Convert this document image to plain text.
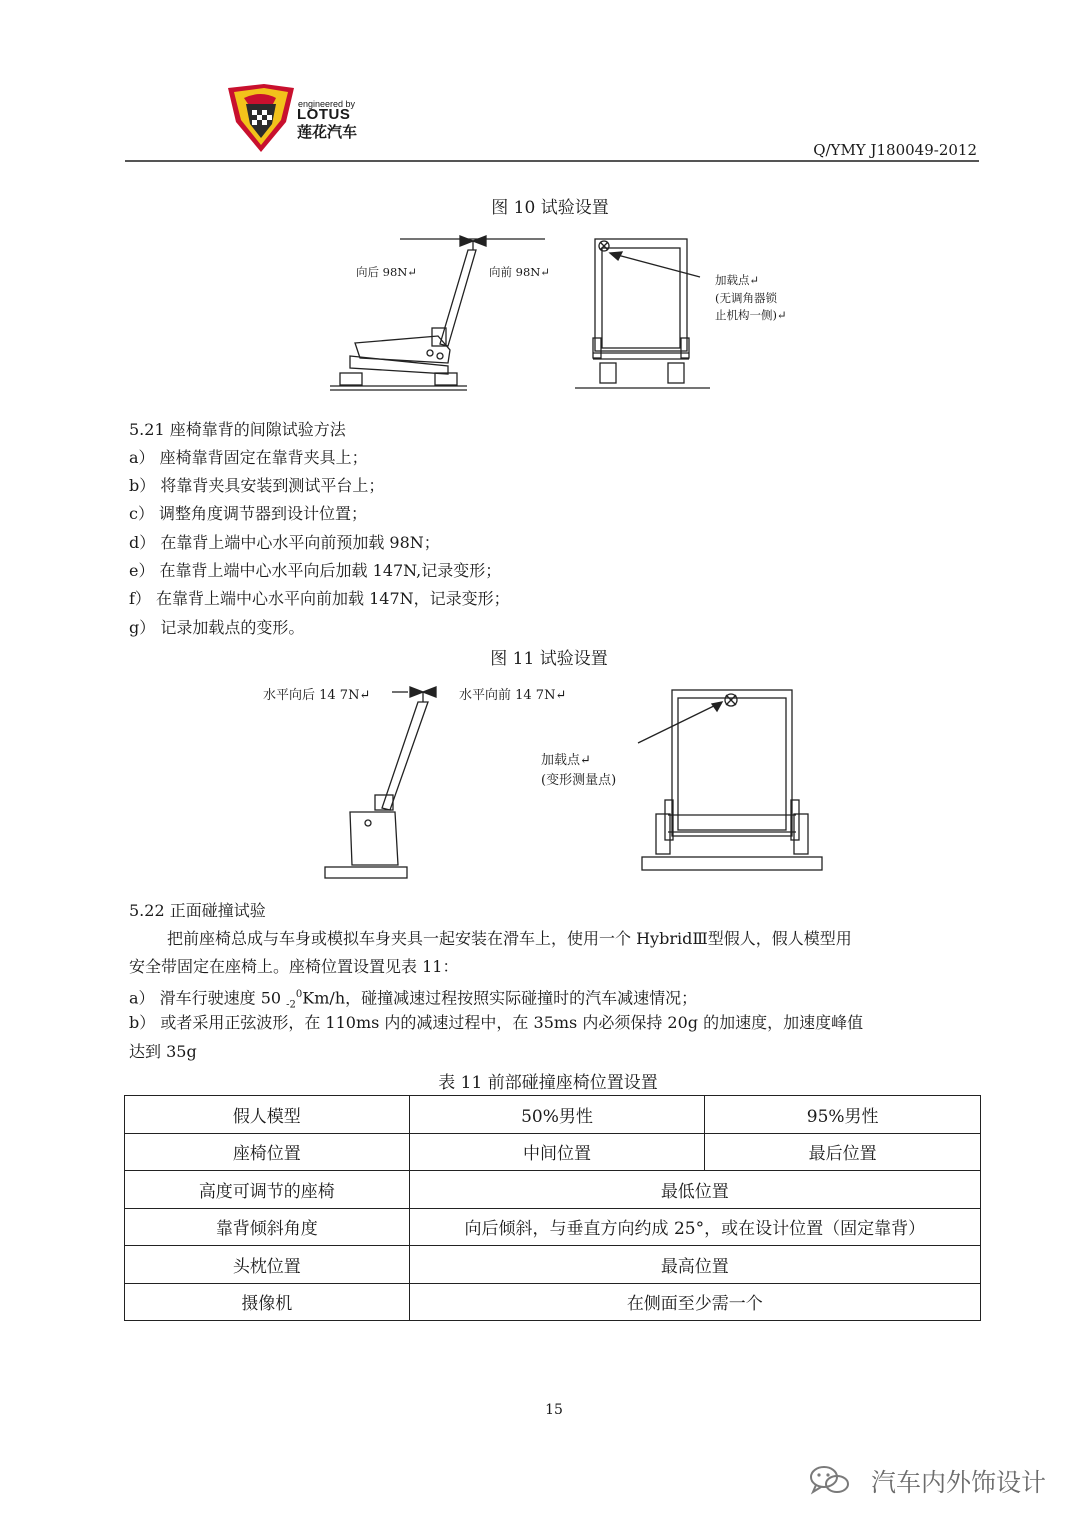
engineered by
LOTUS
莲花汽车
Q/YMY J180049-2012
图 10 试验设置
向后 98N↵	向前 98N↵
加载点↵
(无调角器锁
止机构一侧)↵
5.21 座椅靠背的间隙试验方法
a） 座椅靠背固定在靠背夹具上；
b） 将靠背夹具安装到测试平台上；
c） 调整角度调节器到设计位置；
d） 在靠背上端中心水平向前预加载 98N；
e） 在靠背上端中心水平向后加载 147N,记录变形；
f） 在靠背上端中心水平向前加载 147N，记录变形；
g） 记录加载点的变形。
图 11 试验设置
水平向后 14 7N↵	水平向前 14 7N↵
加载点↵
(变形测量点)
5.22 正面碰撞试验
把前座椅总成与车身或模拟车身夹具一起安装在滑车上，使用一个 HybridⅢ型假人，假人模型用
安全带固定在座椅上。座椅位置设置见表 11：
a） 滑车行驶速度 50 $_{-2}^0$Km/h，碰撞减速过程按照实际碰撞时的汽车减速情况；
b） 或者采用正弦波形，在 110ms 内的减速过程中，在 35ms 内必须保持 20g 的加速度，加速度峰值
达到 35g
表 11 前部碰撞座椅位置设置
假人模型	50%男性	95%男性
座椅位置	中间位置	最后位置
高度可调节的座椅	最低位置	
靠背倾斜角度	向后倾斜，与垂直方向约成 25°，或在设计位置（固定靠背）	
头枕位置	最高位置	
摄像机	在侧面至少需一个	
15
汽车内外饰设计
